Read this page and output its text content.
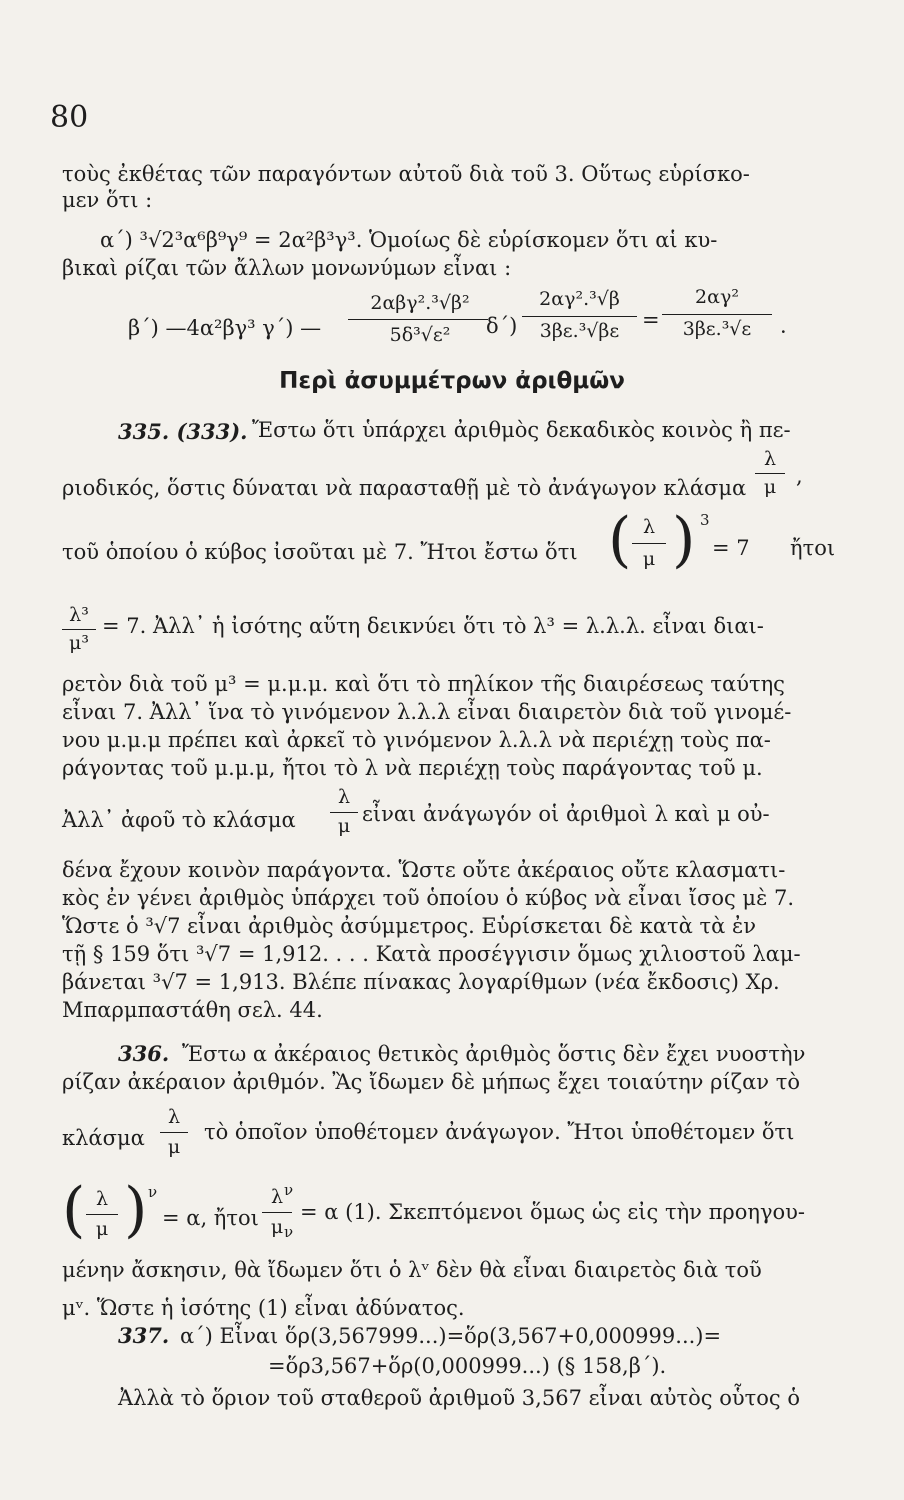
80
τοὺς ἐκθέτας τῶν παραγόντων αὐτοῦ διὰ τοῦ 3. Οὕτως εὑρίσκο-
μεν ὅτι :
α΄) ³√2³α⁶β⁹γ⁹ = 2α²β³γ³. Ὁμοίως δὲ εὑρίσκομεν ὅτι αἱ κυ-
βικαὶ ρίζαι τῶν ἄλλων μονωνύμων εἶναι :
β΄) —4α²βγ³ γ΄) —
2αβγ².³√β²
5δ³√ε²	δ΄)
2αγ².³√β
3βε.³√βε	=
2αγ²
3βε.³√ε	·
Περὶ ἀσυμμέτρων ἀριθμῶν
335. (333). Ἔστω ὅτι ὑπάρχει ἀριθμὸς δεκαδικὸς κοινὸς ἢ πε-
ριοδικός, ὅστις δύναται νὰ παρασταθῇ μὲ τὸ ἀνάγωγον κλάσμα
λ
μ ,
τοῦ ὁποίου ὁ κύβος ἰσοῦται μὲ 7. Ἤτοι ἔστω ὅτι ( λ
μ ) 3
= 7 ἤτοι
λ³
μ³
= 7. Ἀλλ᾽ ἡ ἰσότης αὕτη δεικνύει ὅτι τὸ λ³ = λ.λ.λ. εἶναι διαι-
ρετὸν διὰ τοῦ μ³ = μ.μ.μ. καὶ ὅτι τὸ πηλίκον τῆς διαιρέσεως ταύτης
εἶναι 7. Ἀλλ᾽ ἵνα τὸ γινόμενον λ.λ.λ εἶναι διαιρετὸν διὰ τοῦ γινομέ-
νου μ.μ.μ πρέπει καὶ ἀρκεῖ τὸ γινόμενον λ.λ.λ νὰ περιέχῃ τοὺς πα-
ράγοντας τοῦ μ.μ.μ, ἤτοι τὸ λ νὰ περιέχῃ τοὺς παράγοντας τοῦ μ.
Ἀλλ᾽ ἀφοῦ τὸ κλάσμα
λ
μ εἶναι ἀνάγωγόν οἱ ἀριθμοὶ λ καὶ μ οὐ-
δένα ἔχουν κοινὸν παράγοντα. Ὥστε οὔτε ἀκέραιος οὔτε κλασματι-
κὸς ἐν γένει ἀριθμὸς ὑπάρχει τοῦ ὁποίου ὁ κύβος νὰ εἶναι ἴσος μὲ 7.
Ὥστε ὁ ³√7 εἶναι ἀριθμὸς ἀσύμμετρος. Εὑρίσκεται δὲ κατὰ τὰ ἐν
τῇ § 159 ὅτι ³√7 = 1,912. . . . Κατὰ προσέγγισιν ὅμως χιλιοστοῦ λαμ-
βάνεται ³√7 = 1,913. Βλέπε πίνακας λογαρίθμων (νέα ἔκδοσις) Χρ.
Μπαρμπαστάθη σελ. 44.
336. Ἔστω α ἀκέραιος θετικὸς ἀριθμὸς ὅστις δὲν ἔχει νυοστὴν
ρίζαν ἀκέραιον ἀριθμόν. Ἂς ἴδωμεν δὲ μήπως ἔχει τοιαύτην ρίζαν τὸ
κλάσμα
λ
μ
τὸ ὁποῖον ὑποθέτομεν ἀνάγωγον. Ἤτοι ὑποθέτομεν ὅτι
( λ
μ ) ν
= α, ἤτοι
λ ν
μ ν
= α (1). Σκεπτόμενοι ὅμως ὡς εἰς τὴν προηγου-
μένην ἄσκησιν, θὰ ἴδωμεν ὅτι ὁ λᵛ δὲν θὰ εἶναι διαιρετὸς διὰ τοῦ
μᵛ. Ὥστε ἡ ἰσότης (1) εἶναι ἀδύνατος.
337. α΄) Εἶναι ὅρ(3,567999...)=ὅρ(3,567+0,000999...)=
=ὅρ3,567+ὅρ(0,000999...) (§ 158,β΄).
Ἀλλὰ τὸ ὅριον τοῦ σταθεροῦ ἀριθμοῦ 3,567 εἶναι αὐτὸς οὗτος ὁ
